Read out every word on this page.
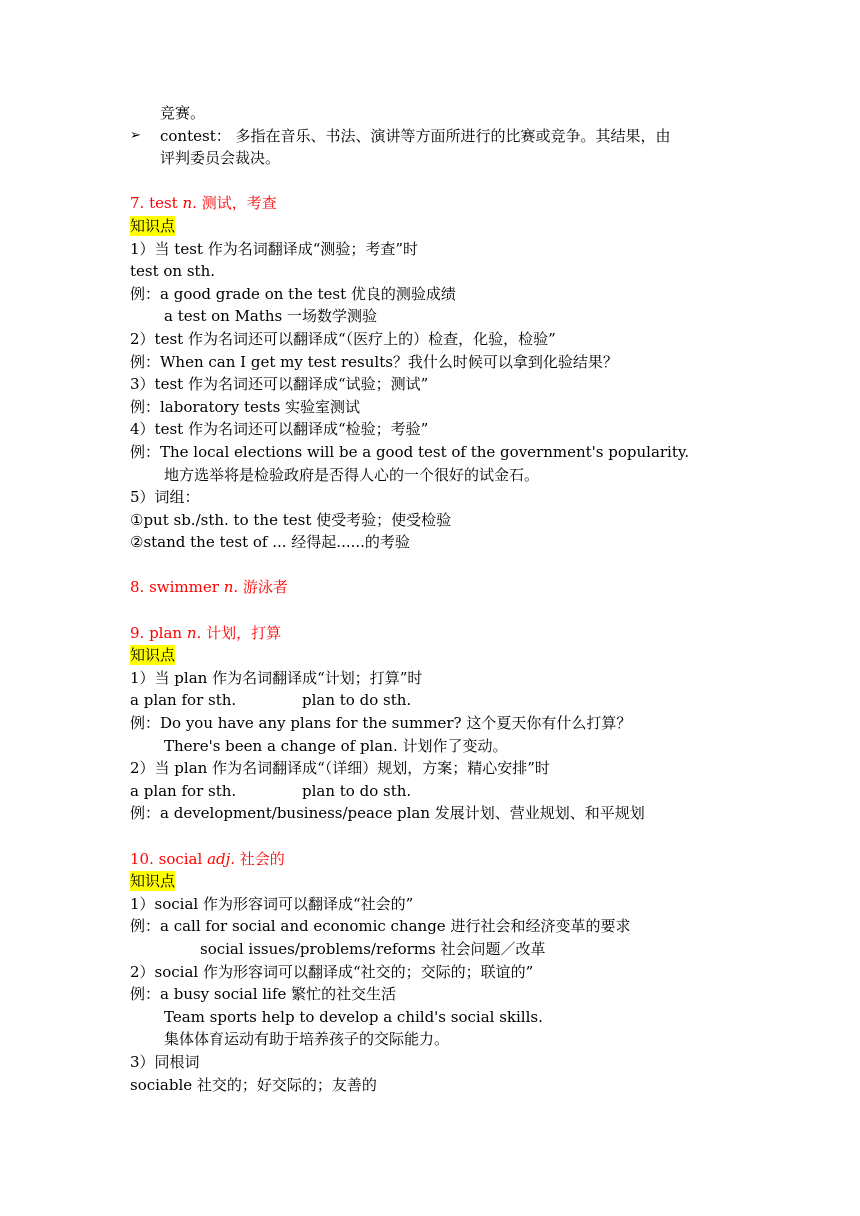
竞赛。
➢ contest： 多指在音乐、书法、演讲等方面所进行的比赛或竞争。其结果，由
评判委员会裁决。
7. test n. 测试，考查
知识点
1）当 test 作为名词翻译成“测验；考查”时
test on sth.
例：a good grade on the test 优良的测验成绩
a test on Maths 一场数学测验
2）test 作为名词还可以翻译成“（医疗上的）检查，化验，检验”
例：When can I get my test results？我什么时候可以拿到化验结果？
3）test 作为名词还可以翻译成“试验；测试”
例：laboratory tests 实验室测试
4）test 作为名词还可以翻译成“检验；考验”
例：The local elections will be a good test of the government's popularity.
地方选举将是检验政府是否得人心的一个很好的试金石。
5）词组：
①put sb./sth. to the test 使受考验；使受检验
②stand the test of ... 经得起......的考验
8. swimmer n. 游泳者
9. plan n. 计划，打算
知识点
1）当 plan 作为名词翻译成“计划；打算”时
a plan for sth.	plan to do sth.
例：Do you have any plans for the summer? 这个夏天你有什么打算？
There's been a change of plan. 计划作了变动。
2）当 plan 作为名词翻译成“（详细）规划，方案；精心安排”时
a plan for sth.	plan to do sth.
例：a development/business/peace plan 发展计划、营业规划、和平规划
10. social adj. 社会的
知识点
1）social 作为形容词可以翻译成“社会的”
例：a call for social and economic change 进行社会和经济变革的要求
social issues/problems/reforms 社会问题／改革
2）social 作为形容词可以翻译成“社交的；交际的；联谊的”
例：a busy social life 繁忙的社交生活
Team sports help to develop a child's social skills.
集体体育运动有助于培养孩子的交际能力。
3）同根词
sociable 社交的；好交际的；友善的
